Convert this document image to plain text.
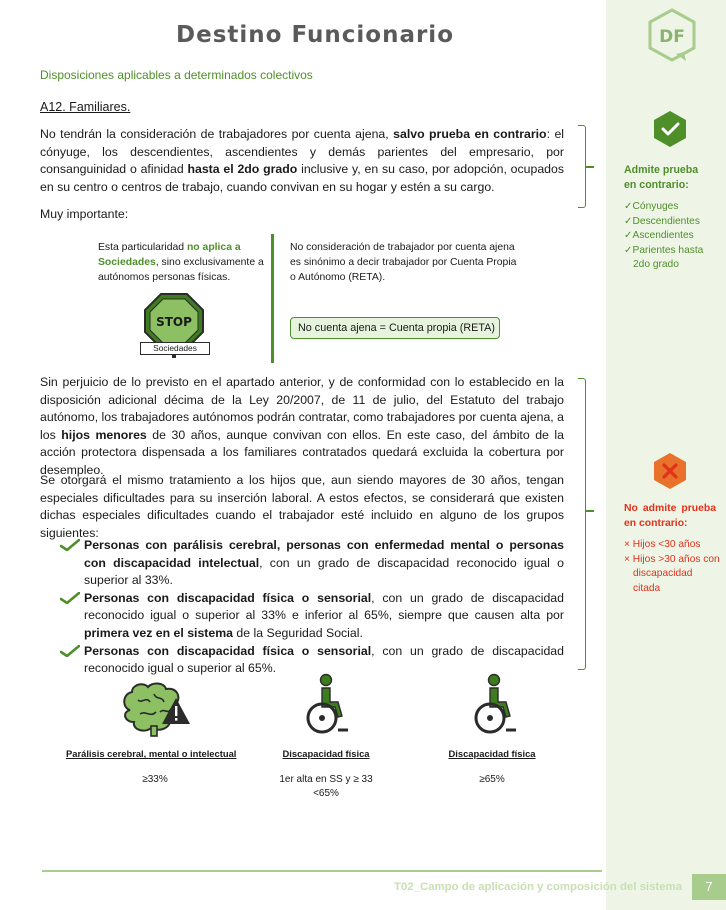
DF
Destino Funcionario
Disposiciones aplicables a determinados colectivos
A12. Familiares.
No tendrán la consideración de trabajadores por cuenta ajena, salvo prueba en contrario: el cónyuge, los descendientes, ascendientes y demás parientes del empresario, por consanguinidad o afinidad hasta el 2do grado inclusive y, en su caso, por adopción, ocupados en su centro o centros de trabajo, cuando convivan en su hogar y estén a su cargo.
Muy importante:
Esta particularidad no aplica a Sociedades, sino exclusivamente a autónomos personas físicas.
STOP
Sociedades
No consideración de trabajador por cuenta ajena es sinónimo a decir trabajador por Cuenta Propia o Autónomo (RETA).
No cuenta ajena = Cuenta propia (RETA)
Admite prueba en contrario:
✓Cónyuges
✓Descendientes
✓Ascendientes
✓Parientes hasta 2do grado
Sin perjuicio de lo previsto en el apartado anterior, y de conformidad con lo establecido en la disposición adicional décima de la Ley 20/2007, de 11 de julio, del Estatuto del trabajo autónomo, los trabajadores autónomos podrán contratar, como trabajadores por cuenta ajena, a los hijos menores de 30 años, aunque convivan con ellos. En este caso, del ámbito de la acción protectora dispensada a los familiares contratados quedará excluida la cobertura por desempleo.
Se otorgará el mismo tratamiento a los hijos que, aun siendo mayores de 30 años, tengan especiales dificultades para su inserción laboral. A estos efectos, se considerará que existen dichas especiales dificultades cuando el trabajador esté incluido en alguno de los grupos siguientes:
Personas con parálisis cerebral, personas con enfermedad mental o personas con discapacidad intelectual, con un grado de discapacidad reconocido igual o superior al 33%.
Personas con discapacidad física o sensorial, con un grado de discapacidad reconocido igual o superior al 33% e inferior al 65%, siempre que causen alta por primera vez en el sistema de la Seguridad Social.
Personas con discapacidad física o sensorial, con un grado de discapacidad reconocido igual o superior al 65%.
No admite prueba en contrario:
× Hijos <30 años
× Hijos >30 años con discapacidad citada
Parálisis cerebral, mental o intelectual
≥33%
Discapacidad física
1er alta en SS y ≥ 33 <65%
Discapacidad física
≥65%
T02_Campo de aplicación y composición del sistema	7
